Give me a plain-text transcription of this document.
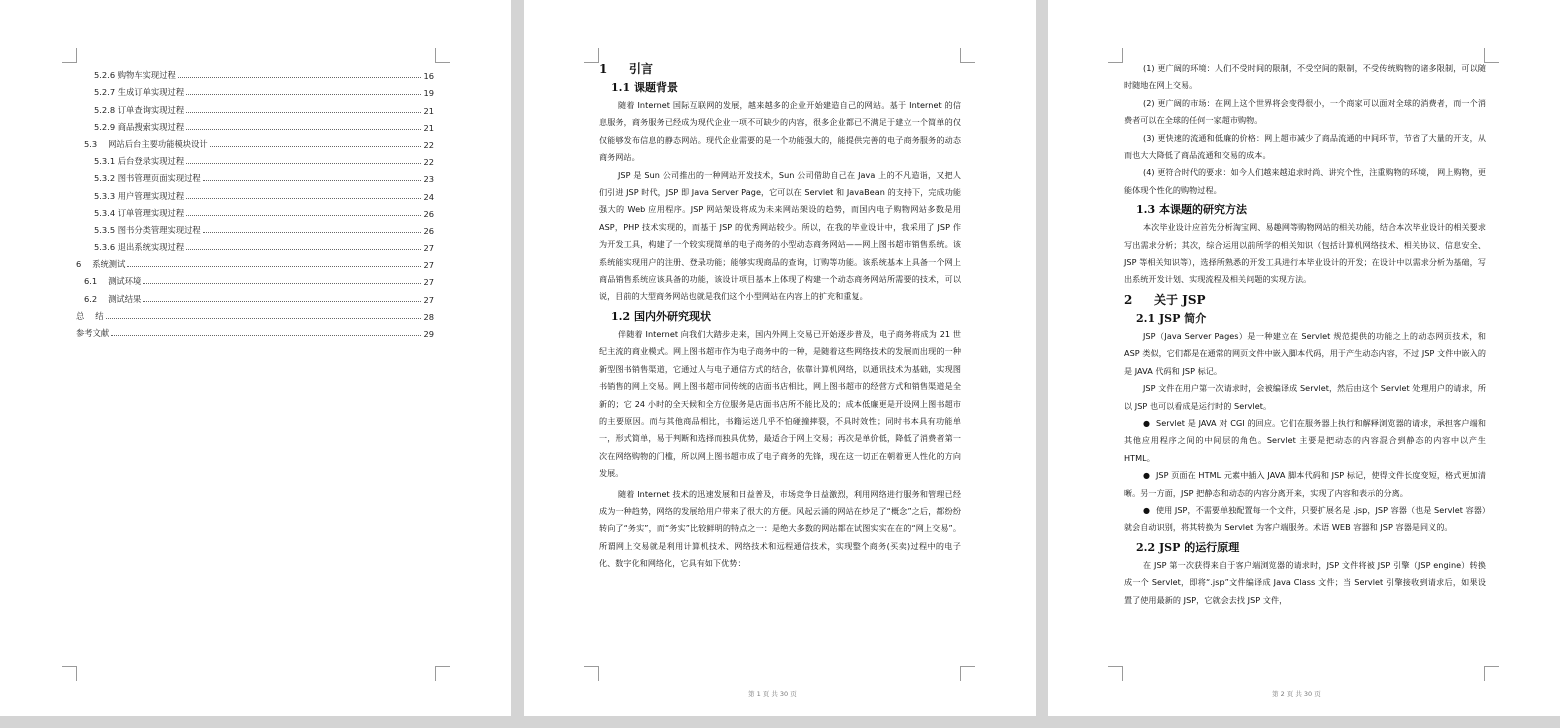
5.2.6 购物车实现过程	16
5.2.7 生成订单实现过程	19
5.2.8 订单查询实现过程	21
5.2.9 商品搜索实现过程	21
5.3　 网站后台主要功能模块设计	22
5.3.1 后台登录实现过程	22
5.3.2 图书管理页面实现过程	23
5.3.3 用户管理实现过程	24
5.3.4 订单管理实现过程	26
5.3.5 图书分类管理实现过程	26
5.3.6 退出系统实现过程	27
6　 系统测试	27
6.1　 测试环境	27
6.2　 测试结果	27
总　 结	28
参考文献	29
第 1 页 共 30 页
1 引言
1.1 课题背景

随着 Internet 国际互联网的发展，越来越多的企业开始建造自己的网站。基于 Internet 的信息服务，商务服务已经成为现代企业一项不可缺少的内容，很多企业都已不满足于建立一个简单的仅仅能够发布信息的静态网站。现代企业需要的是一个功能强大的，能提供完善的电子商务服务的动态商务网站。

JSP 是 Sun 公司推出的一种网站开发技术，Sun 公司借助自己在 Java 上的不凡造诣，又把人们引进 JSP 时代，JSP 即 Java Server Page，它可以在 Servlet 和 JavaBean 的支持下，完成功能强大的 Web 应用程序。JSP 网站架设将成为未来网站架设的趋势，而国内电子购物网站多数是用 ASP，PHP 技术实现的，而基于 JSP 的优秀网站较少。所以，在我的毕业设计中，我采用了 JSP 作为开发工具，构建了一个较实现简单的电子商务的小型动态商务网站——网上图书超市销售系统。该系统能实现用户的注册、登录功能；能够实现商品的查询，订购等功能。该系统基本上具备一个网上商品销售系统应该具备的功能，该设计项目基本上体现了构建一个动态商务网站所需要的技术，可以说，目前的大型商务网站也就是我们这个小型网站在内容上的扩充和重复。

1.2 国内外研究现状

伴随着 Internet 向我们大踏步走来，国内外网上交易已开始逐步普及，电子商务将成为 21 世纪主流的商业模式。网上图书超市作为电子商务中的一种，是随着这些网络技术的发展而出现的一种新型图书销售渠道，它通过人与电子通信方式的结合，依靠计算机网络，以通讯技术为基础，实现图书销售的网上交易。网上图书超市同传统的店面书店相比，网上图书超市的经营方式和销售渠道是全新的；它 24 小时的全天候和全方位服务是店面书店所不能比及的；成本低廉更是开设网上图书超市的主要原因。而与其他商品相比，书籍运送几乎不怕碰撞摔裂，不具时效性；同时书本具有功能单一，形式简单，易于判断和选择而独具优势，最适合于网上交易；再次是单价低，降低了消费者第一次在网络购物的门槛，所以网上图书超市成了电子商务的先锋，现在这一切正在朝着更人性化的方向发展。

随着 Internet 技术的迅速发展和日益普及，市场竞争日益激烈，利用网络进行服务和管理已经成为一种趋势，网络的发展给用户带来了很大的方便。风起云涌的网站在炒足了“概念”之后，都纷纷转向了“务实”，而“务实”比较鲜明的特点之一：是绝大多数的网站都在试图实实在在的“网上交易”。所谓网上交易就是利用计算机技术、网络技术和远程通信技术，实现整个商务(买卖)过程中的电子化、数字化和网络化，它具有如下优势：

第 2 页 共 30 页

(1) 更广阔的环境：人们不受时间的限制，不受空间的限制，不受传统购物的诸多限制，可以随时随地在网上交易。

(2) 更广阔的市场：在网上这个世界将会变得很小，一个商家可以面对全球的消费者，而一个消费者可以在全球的任何一家超市购物。

(3) 更快速的流通和低廉的价格：网上超市减少了商品流通的中间环节，节省了大量的开支，从而也大大降低了商品流通和交易的成本。

(4) 更符合时代的要求：如今人们越来越追求时尚、讲究个性，注重购物的环境， 网上购物，更能体现个性化的购物过程。

1.3 本课题的研究方法

本次毕业设计应首先分析淘宝网、易趣网等购物网站的相关功能，结合本次毕业设计的相关要求写出需求分析；其次，综合运用以前所学的相关知识（包括计算机网络技术、相关协议、信息安全、JSP 等相关知识等），选择所熟悉的开发工具进行本毕业设计的开发；在设计中以需求分析为基础，写出系统开发计划、实现流程及相关问题的实现方法。

2 关于 JSP
2.1 JSP 简介

JSP（Java Server Pages）是一种建立在 Servlet 规范提供的功能之上的动态网页技术，和 ASP 类似，它们都是在通常的网页文件中嵌入脚本代码，用于产生动态内容，不过 JSP 文件中嵌入的是 JAVA 代码和 JSP 标记。

JSP 文件在用户第一次请求时，会被编译成 Servlet，然后由这个 Servlet 处理用户的请求，所以 JSP 也可以看成是运行时的 Servlet。

● Servlet 是 JAVA 对 CGI 的回应。它们在服务器上执行和解释浏览器的请求，承担客户端和其他应用程序之间的中间层的角色。Servlet 主要是把动态的内容混合到静态的内容中以产生 HTML。

● JSP 页面在 HTML 元素中插入 JAVA 脚本代码和 JSP 标记，使得文件长度变短，格式更加清晰。另一方面，JSP 把静态和动态的内容分离开来，实现了内容和表示的分离。

● 使用 JSP，不需要单独配置每一个文件，只要扩展名是 .jsp，JSP 容器（也是 Servlet 容器）就会自动识别，将其转换为 Servlet 为客户端服务。术语 WEB 容器和 JSP 容器是同义的。

2.2 JSP 的运行原理

在 JSP 第一次获得来自于客户端浏览器的请求时，JSP 文件将被 JSP 引擎（JSP engine）转换成一个 Servlet，即将“.jsp”文件编译成 Java Class 文件；当 Servlet 引擎接收到请求后，如果设置了使用最新的 JSP，它就会去找 JSP 文件，
